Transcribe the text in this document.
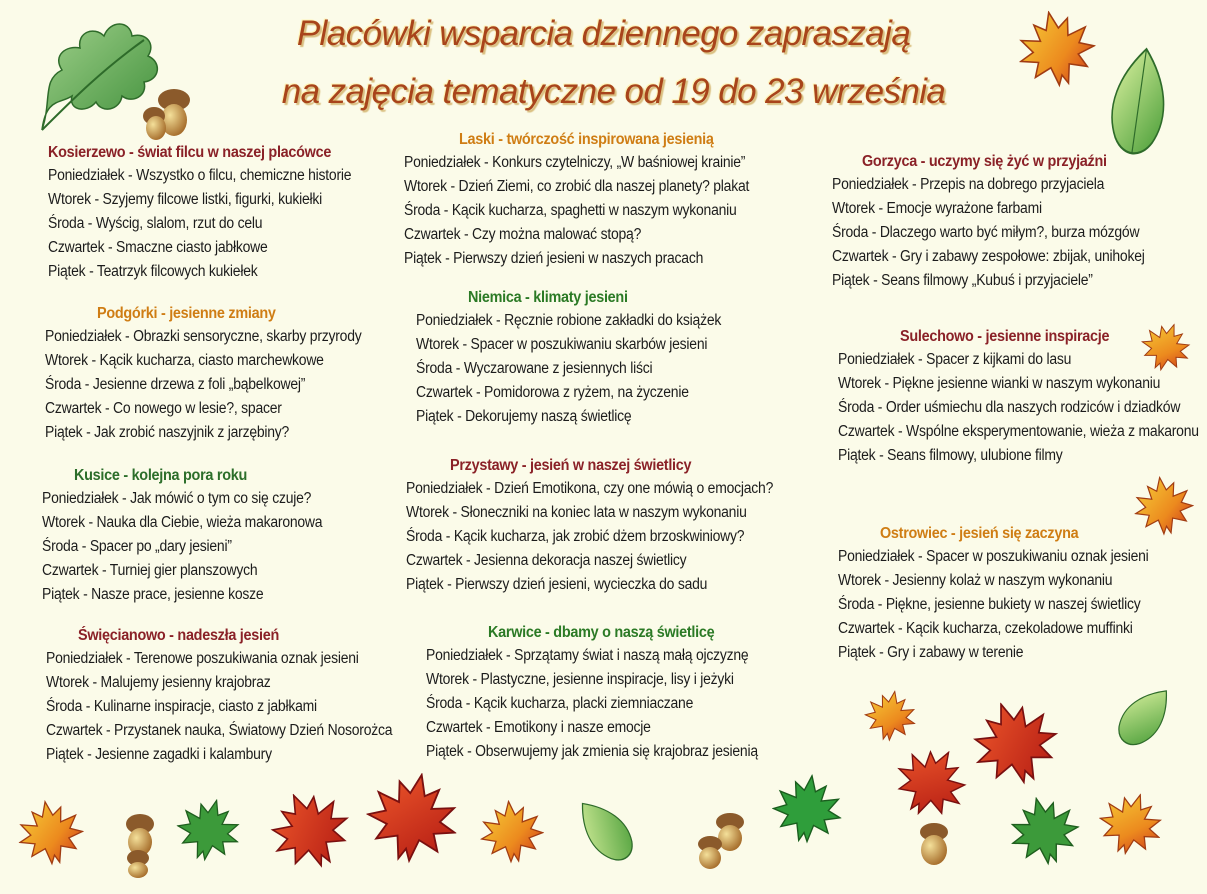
Placówki wsparcia dziennego zapraszają
na zajęcia tematyczne od 19 do 23 września
Kosierzewo - świat filcu w naszej placówce
Poniedziałek - Wszystko o filcu, chemiczne historie
Wtorek - Szyjemy filcowe listki, figurki, kukiełki
Środa - Wyścig, slalom, rzut do celu
Czwartek - Smaczne ciasto jabłkowe
Piątek - Teatrzyk filcowych kukiełek
Podgórki - jesienne zmiany
Poniedziałek - Obrazki sensoryczne, skarby przyrody
Wtorek - Kącik kucharza, ciasto marchewkowe
Środa - Jesienne drzewa z foli „bąbelkowej”
Czwartek - Co nowego w lesie?, spacer
Piątek - Jak zrobić naszyjnik z jarzębiny?
Kusice - kolejna pora roku
Poniedziałek - Jak mówić o tym co się czuje?
Wtorek - Nauka dla Ciebie, wieża makaronowa
Środa - Spacer po „dary jesieni”
Czwartek - Turniej gier planszowych
Piątek - Nasze prace, jesienne kosze
Święcianowo - nadeszła jesień
Poniedziałek - Terenowe poszukiwania oznak jesieni
Wtorek - Malujemy jesienny krajobraz
Środa - Kulinarne inspiracje, ciasto z jabłkami
Czwartek - Przystanek nauka, Światowy Dzień Nosorożca
Piątek - Jesienne zagadki i kalambury
Laski - twórczość inspirowana jesienią
Poniedziałek - Konkurs czytelniczy, „W baśniowej krainie”
Wtorek - Dzień Ziemi, co zrobić dla naszej planety? plakat
Środa - Kącik kucharza, spaghetti w naszym wykonaniu
Czwartek - Czy można malować stopą?
Piątek - Pierwszy dzień jesieni w naszych pracach
Niemica - klimaty jesieni
Poniedziałek - Ręcznie robione zakładki do książek
Wtorek - Spacer w poszukiwaniu skarbów jesieni
Środa - Wyczarowane z jesiennych liści
Czwartek - Pomidorowa z ryżem, na życzenie
Piątek - Dekorujemy naszą świetlicę
Przystawy - jesień w naszej świetlicy
Poniedziałek - Dzień Emotikona, czy one mówią o emocjach?
Wtorek - Słoneczniki na koniec lata w naszym wykonaniu
Środa - Kącik kucharza, jak zrobić dżem brzoskwiniowy?
Czwartek - Jesienna dekoracja naszej świetlicy
Piątek - Pierwszy dzień jesieni, wycieczka do sadu
Karwice - dbamy o naszą świetlicę
Poniedziałek - Sprzątamy świat i naszą małą ojczyznę
Wtorek - Plastyczne, jesienne inspiracje, lisy i jeżyki
Środa - Kącik kucharza, placki ziemniaczane
Czwartek - Emotikony i nasze emocje
Piątek - Obserwujemy jak zmienia się krajobraz jesienią
Gorzyca - uczymy się żyć w przyjaźni
Poniedziałek - Przepis na dobrego przyjaciela
Wtorek - Emocje wyrażone farbami
Środa - Dlaczego warto być miłym?, burza mózgów
Czwartek - Gry i zabawy zespołowe: zbijak, unihokej
Piątek - Seans filmowy „Kubuś i przyjaciele”
Sulechowo - jesienne inspiracje
Poniedziałek - Spacer z kijkami do lasu
Wtorek - Piękne jesienne wianki w naszym wykonaniu
Środa - Order uśmiechu dla naszych rodziców i dziadków
Czwartek - Wspólne eksperymentowanie, wieża z makaronu
Piątek - Seans filmowy, ulubione filmy
Ostrowiec - jesień się zaczyna
Poniedziałek - Spacer w poszukiwaniu oznak jesieni
Wtorek - Jesienny kolaż w naszym wykonaniu
Środa - Piękne, jesienne bukiety w naszej świetlicy
Czwartek - Kącik kucharza, czekoladowe muffinki
Piątek - Gry i zabawy w terenie
